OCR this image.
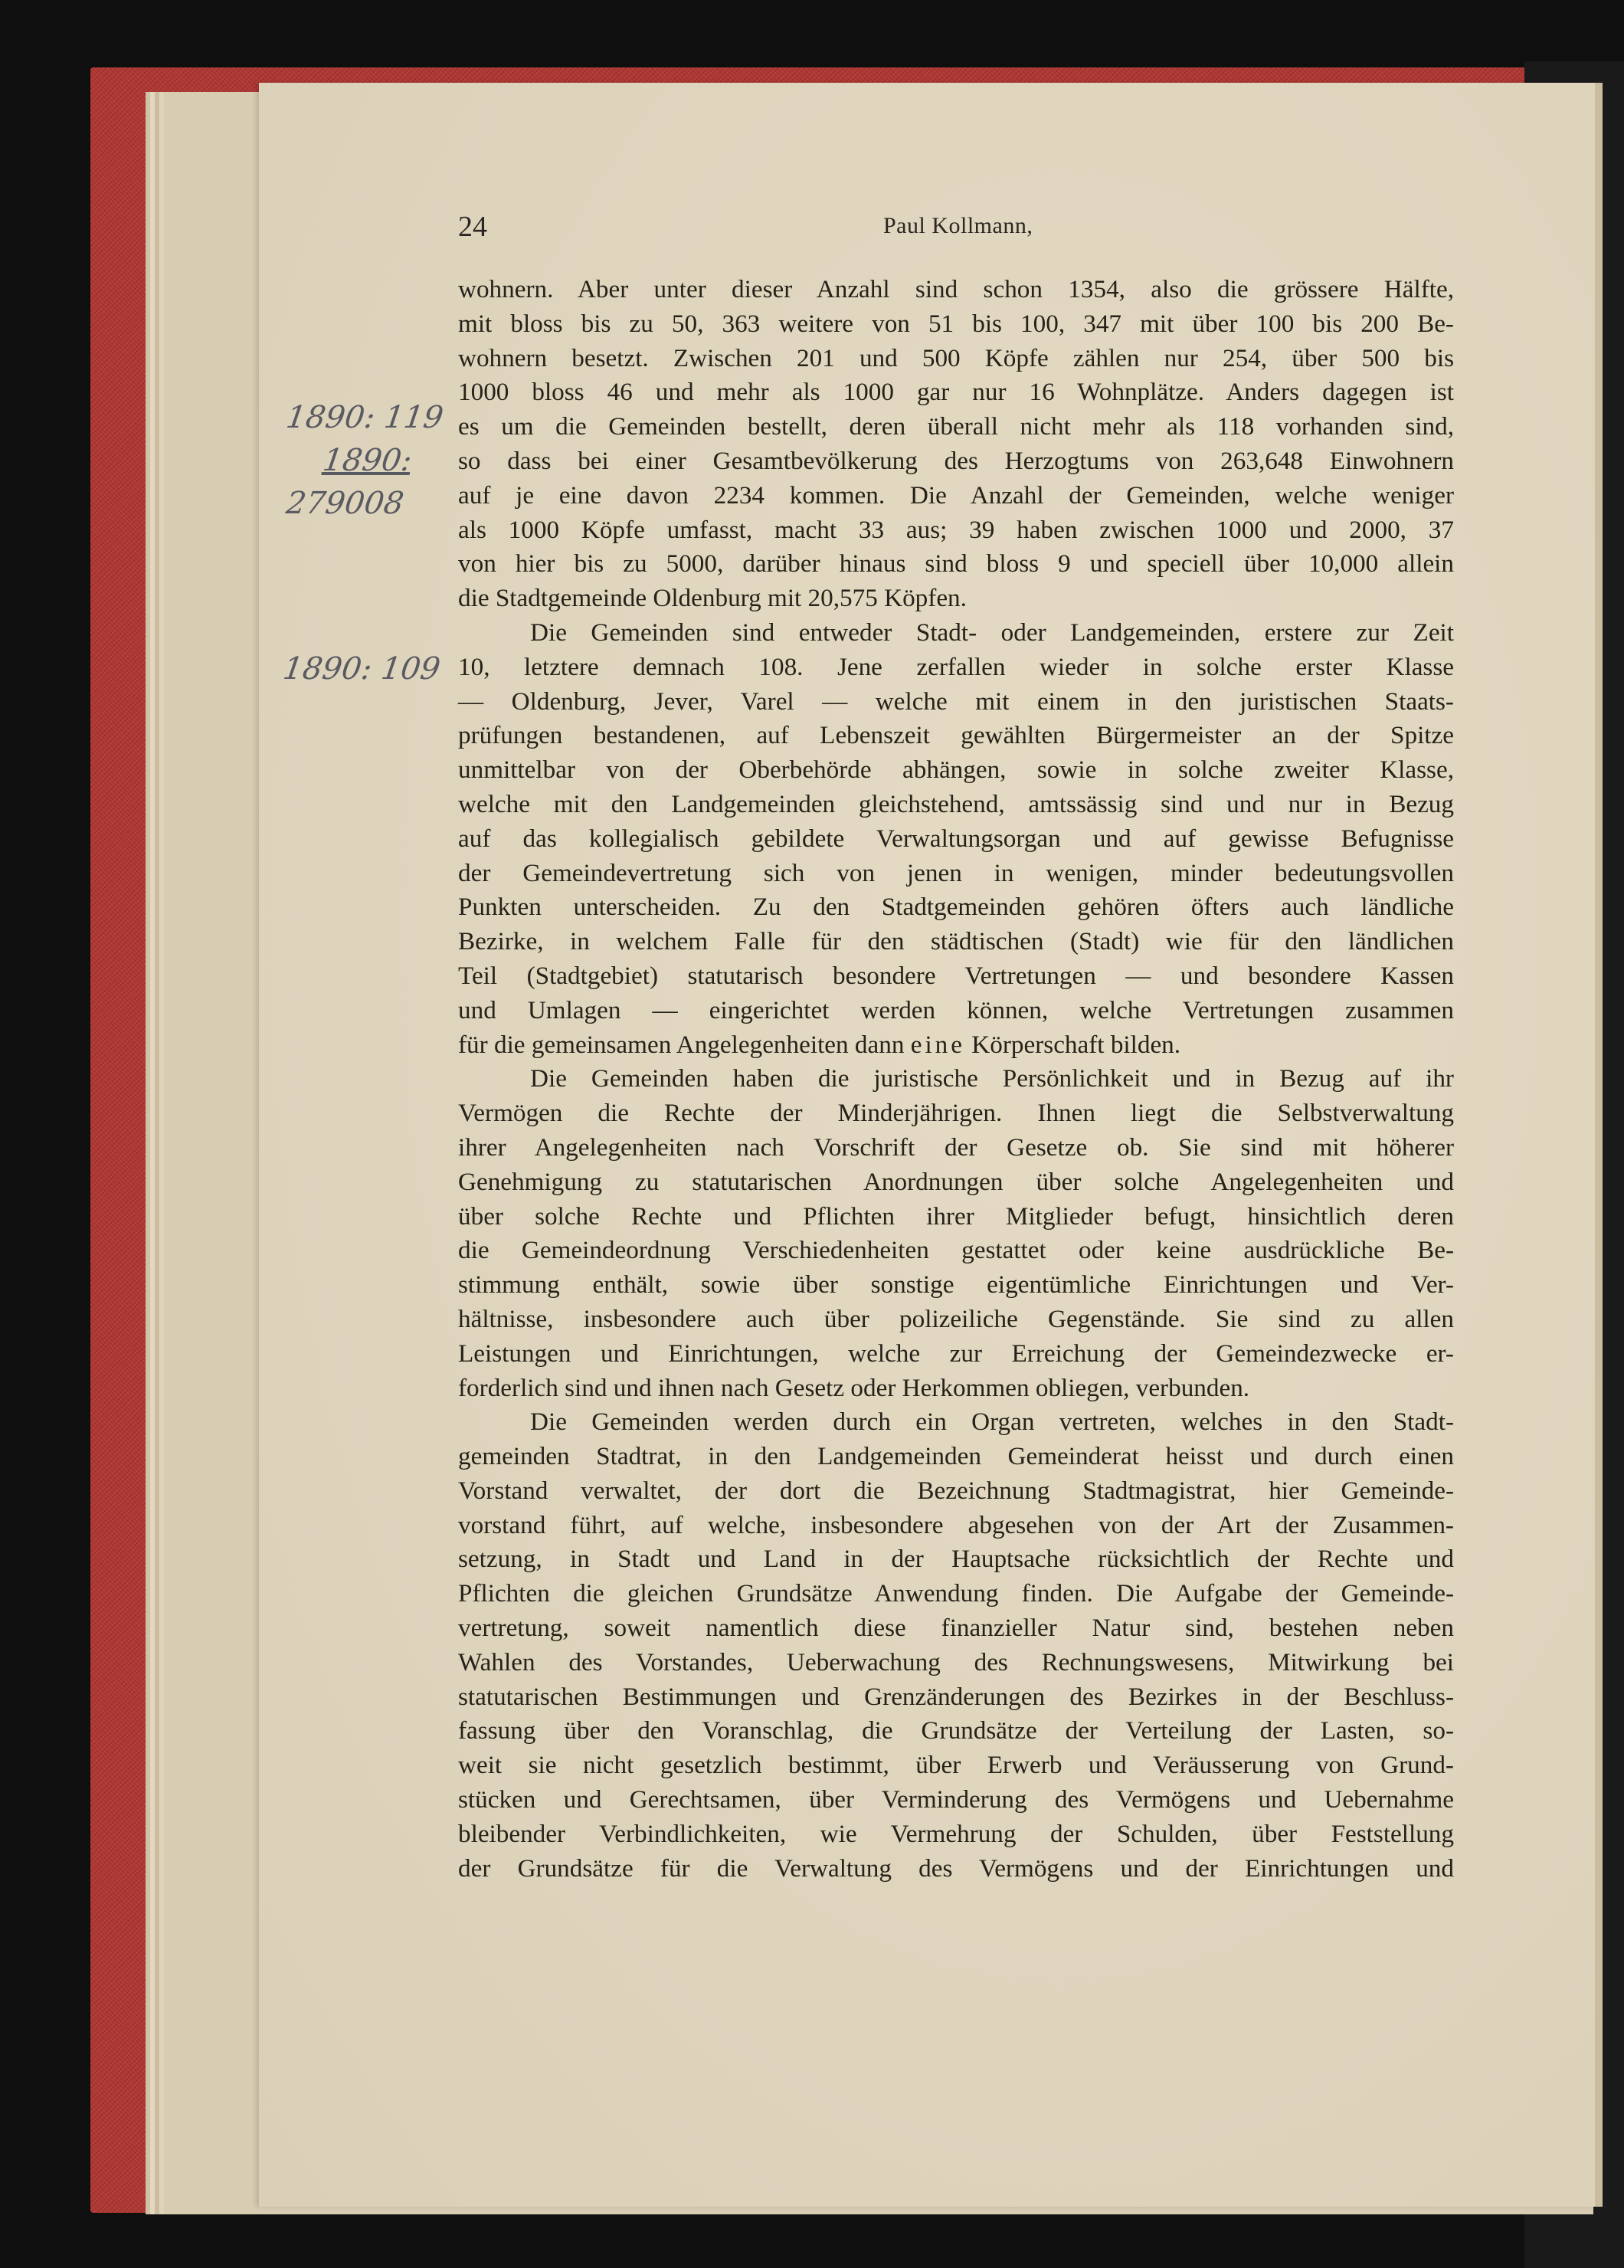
24	Paul Kollmann,
1890: 119
1890:
279008
1890: 109

wohnern. Aber unter dieser Anzahl sind schon 1354, also die grössere Hälfte,

mit bloss bis zu 50, 363 weitere von 51 bis 100, 347 mit über 100 bis 200 Be-

wohnern besetzt. Zwischen 201 und 500 Köpfe zählen nur 254, über 500 bis

1000 bloss 46 und mehr als 1000 gar nur 16 Wohnplätze. Anders dagegen ist

es um die Gemeinden bestellt, deren überall nicht mehr als 118 vorhanden sind,

so dass bei einer Gesamtbevölkerung des Herzogtums von 263,648 Einwohnern

auf je eine davon 2234 kommen. Die Anzahl der Gemeinden, welche weniger

als 1000 Köpfe umfasst, macht 33 aus; 39 haben zwischen 1000 und 2000, 37

von hier bis zu 5000, darüber hinaus sind bloss 9 und speciell über 10,000 allein

die Stadtgemeinde Oldenburg mit 20,575 Köpfen.

Die Gemeinden sind entweder Stadt- oder Landgemeinden, erstere zur Zeit

10, letztere demnach 108. Jene zerfallen wieder in solche erster Klasse

— Oldenburg, Jever, Varel — welche mit einem in den juristischen Staats-

prüfungen bestandenen, auf Lebenszeit gewählten Bürgermeister an der Spitze

unmittelbar von der Oberbehörde abhängen, sowie in solche zweiter Klasse,

welche mit den Landgemeinden gleichstehend, amtssässig sind und nur in Bezug

auf das kollegialisch gebildete Verwaltungsorgan und auf gewisse Befugnisse

der Gemeindevertretung sich von jenen in wenigen, minder bedeutungsvollen

Punkten unterscheiden. Zu den Stadtgemeinden gehören öfters auch ländliche

Bezirke, in welchem Falle für den städtischen (Stadt) wie für den ländlichen

Teil (Stadtgebiet) statutarisch besondere Vertretungen — und besondere Kassen

und Umlagen — eingerichtet werden können, welche Vertretungen zusammen

für die gemeinsamen Angelegenheiten dann eine Körperschaft bilden.

Die Gemeinden haben die juristische Persönlichkeit und in Bezug auf ihr

Vermögen die Rechte der Minderjährigen. Ihnen liegt die Selbstverwaltung

ihrer Angelegenheiten nach Vorschrift der Gesetze ob. Sie sind mit höherer

Genehmigung zu statutarischen Anordnungen über solche Angelegenheiten und

über solche Rechte und Pflichten ihrer Mitglieder befugt, hinsichtlich deren

die Gemeindeordnung Verschiedenheiten gestattet oder keine ausdrückliche Be-

stimmung enthält, sowie über sonstige eigentümliche Einrichtungen und Ver-

hältnisse, insbesondere auch über polizeiliche Gegenstände. Sie sind zu allen

Leistungen und Einrichtungen, welche zur Erreichung der Gemeindezwecke er-

forderlich sind und ihnen nach Gesetz oder Herkommen obliegen, verbunden.

Die Gemeinden werden durch ein Organ vertreten, welches in den Stadt-

gemeinden Stadtrat, in den Landgemeinden Gemeinderat heisst und durch einen

Vorstand verwaltet, der dort die Bezeichnung Stadtmagistrat, hier Gemeinde-

vorstand führt, auf welche, insbesondere abgesehen von der Art der Zusammen-

setzung, in Stadt und Land in der Hauptsache rücksichtlich der Rechte und

Pflichten die gleichen Grundsätze Anwendung finden. Die Aufgabe der Gemeinde-

vertretung, soweit namentlich diese finanzieller Natur sind, bestehen neben

Wahlen des Vorstandes, Ueberwachung des Rechnungswesens, Mitwirkung bei

statutarischen Bestimmungen und Grenzänderungen des Bezirkes in der Beschluss-

fassung über den Voranschlag, die Grundsätze der Verteilung der Lasten, so-

weit sie nicht gesetzlich bestimmt, über Erwerb und Veräusserung von Grund-

stücken und Gerechtsamen, über Verminderung des Vermögens und Uebernahme

bleibender Verbindlichkeiten, wie Vermehrung der Schulden, über Feststellung

der Grundsätze für die Verwaltung des Vermögens und der Einrichtungen und
